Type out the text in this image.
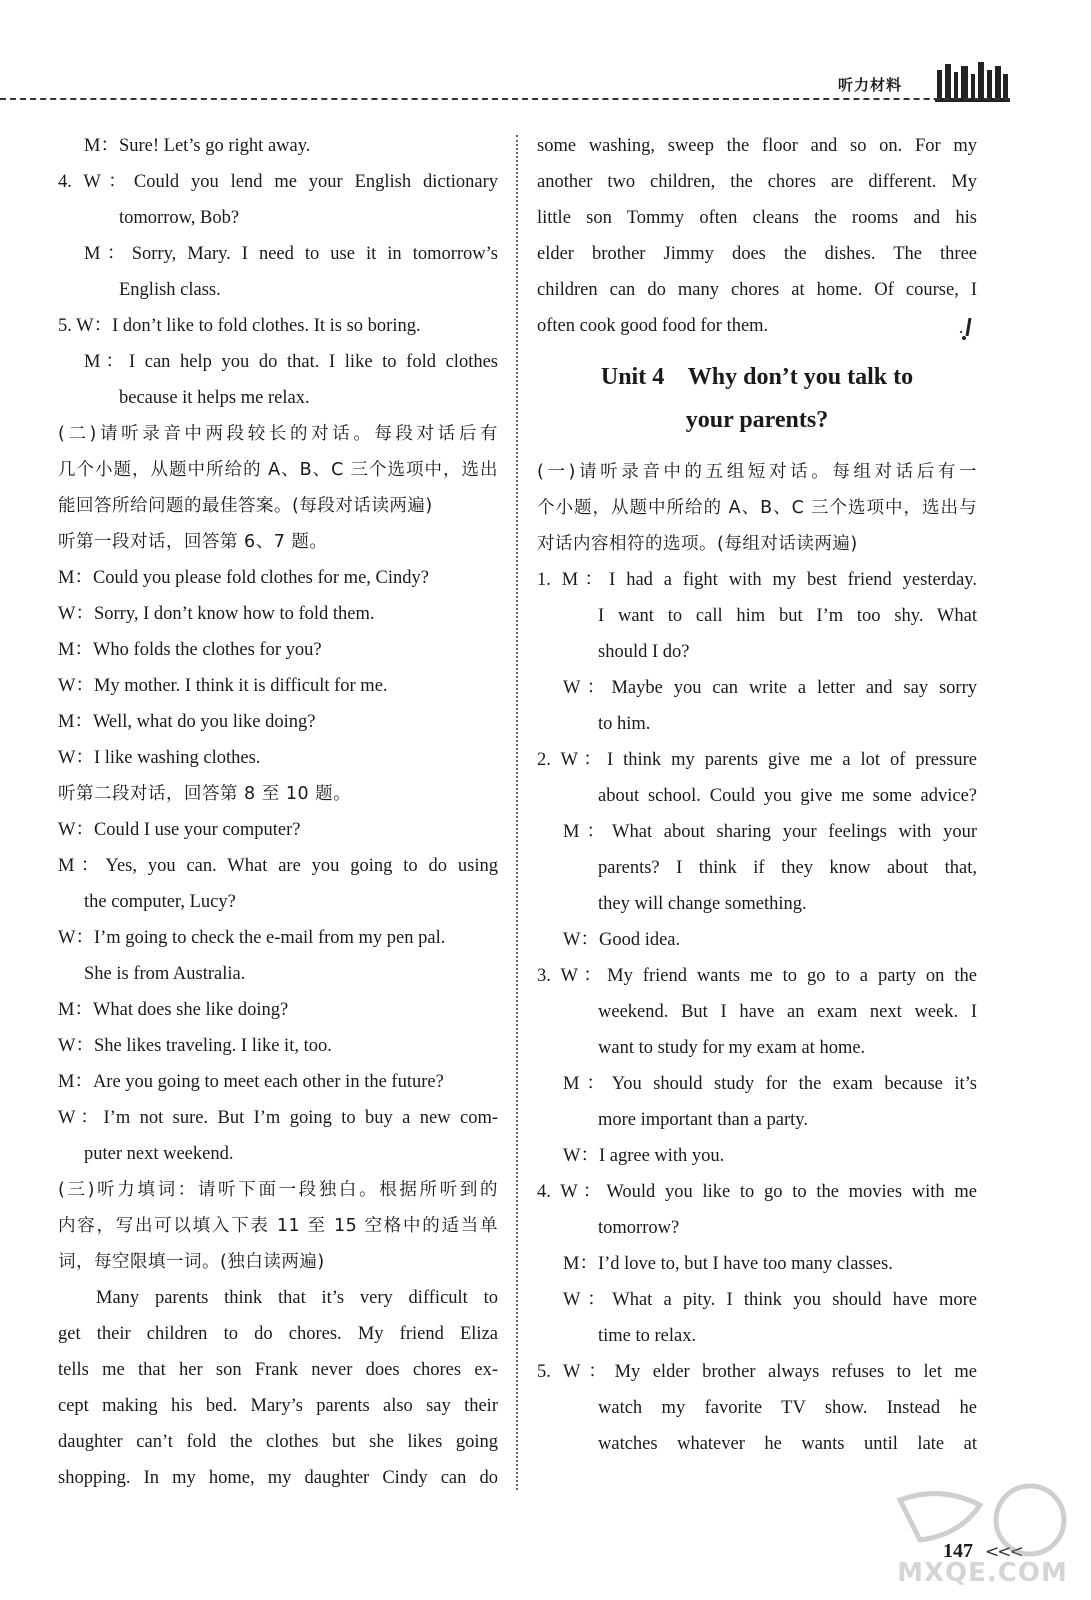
听力材料
M：Sure! Let’s go right away.
4. W：Could you lend me your English dictionary
tomorrow, Bob?
M：Sorry, Mary. I need to use it in tomorrow’s
English class.
5. W：I don’t like to fold clothes. It is so boring.
M：I can help you do that. I like to fold clothes
because it helps me relax.
(二)请听录音中两段较长的对话。每段对话后有
几个小题，从题中所给的 A、B、C 三个选项中，选出
能回答所给问题的最佳答案。(每段对话读两遍)
听第一段对话，回答第 6、7 题。
M：Could you please fold clothes for me, Cindy?
W：Sorry, I don’t know how to fold them.
M：Who folds the clothes for you?
W：My mother. I think it is difficult for me.
M：Well, what do you like doing?
W：I like washing clothes.
听第二段对话，回答第 8 至 10 题。
W：Could I use your computer?
M：Yes, you can. What are you going to do using
the computer, Lucy?
W：I’m going to check the e-mail from my pen pal.
She is from Australia.
M：What does she like doing?
W：She likes traveling. I like it, too.
M：Are you going to meet each other in the future?
W：I’m not sure. But I’m going to buy a new com-
puter next weekend.
(三)听力填词：请听下面一段独白。根据所听到的
内容，写出可以填入下表 11 至 15 空格中的适当单
词，每空限填一词。(独白读两遍)
Many parents think that it’s very difficult to
get their children to do chores. My friend Eliza
tells me that her son Frank never does chores ex-
cept making his bed. Mary’s parents also say their
daughter can’t fold the clothes but she likes going
shopping. In my home, my daughter Cindy can do
some washing, sweep the floor and so on. For my
another two children, the chores are different. My
little son Tommy often cleans the rooms and his
elder brother Jimmy does the dishes. The three
children can do many chores at home. Of course, I
often cook good food for them.
Unit 4    Why don’t you talk to
your parents?
(一)请听录音中的五组短对话。每组对话后有一
个小题，从题中所给的 A、B、C 三个选项中，选出与
对话内容相符的选项。(每组对话读两遍)
1. M：I had a fight with my best friend yesterday.
I want to call him but I’m too shy. What
should I do?
W：Maybe you can write a letter and say sorry
to him.
2. W：I think my parents give me a lot of pressure
about school. Could you give me some advice?
M：What about sharing your feelings with your
parents? I think if they know about that,
they will change something.
W：Good idea.
3. W：My friend wants me to go to a party on the
weekend. But I have an exam next week. I
want to study for my exam at home.
M：You should study for the exam because it’s
more important than a party.
W：I agree with you.
4. W：Would you like to go to the movies with me
tomorrow?
M：I’d love to, but I have too many classes.
W：What a pity. I think you should have more
time to relax.
5. W：My elder brother always refuses to let me
watch my favorite TV show. Instead he
watches whatever he wants until late at
147 <<<
MXQE.COM
